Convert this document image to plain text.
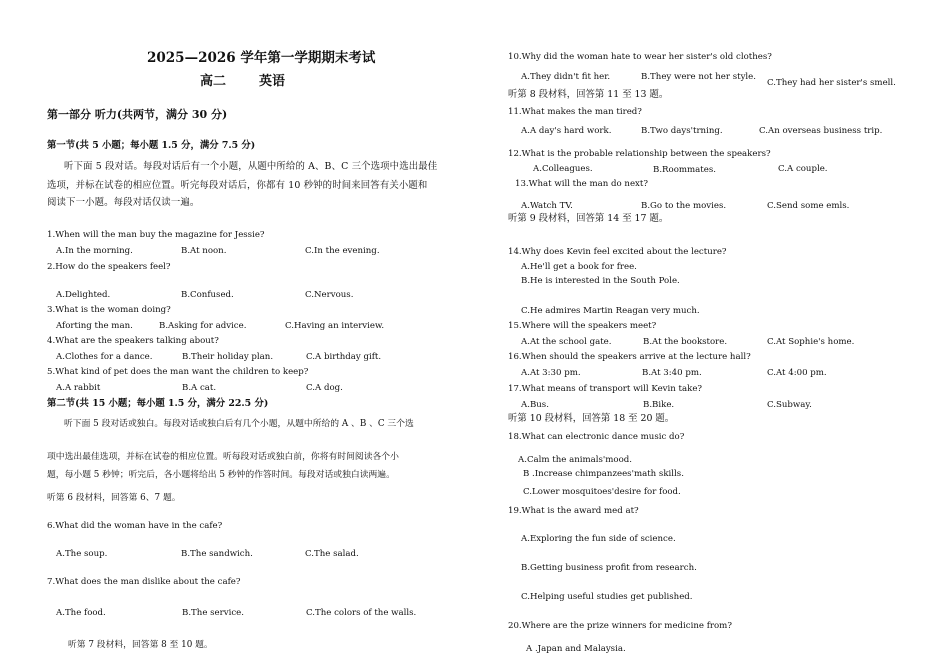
2025—2026 学年第一学期期末考试
高二	英语
第一部分 听力(共两节，满分 30 分)
第一节(共 5 小题；每小题 1.5 分，满分 7.5 分)
听下面 5 段对话。每段对话后有一个小题，从题中所给的 A、B、C 三个选项中选出最佳
选项，并标在试卷的相应位置。听完每段对话后，你都有 10 秒钟的时间来回答有关小题和
阅读下一小题。每段对话仅读一遍。
1.When will the man buy the magazine for Jessie?
A.In the morning.	B.At noon.	C.In the evening.
2.How do the speakers feel?
A.Delighted.	B.Confused.	C.Nervous.
3.What is the woman doing?
Aforting the man.	B.Asking for advice.	C.Having an interview.
4.What are the speakers talking about?
A.Clothes for a dance.	B.Their holiday plan.	C.A birthday gift.
5.What kind of pet does the man want the children to keep?
A.A rabbit	B.A cat.	C.A dog.
第二节(共 15 小题；每小题 1.5 分，满分 22.5 分)
听下面 5 段对话或独白。每段对话或独白后有几个小题，从题中所给的 A 、B 、C 三个选
项中选出最佳选项，并标在试卷的相应位置。听每段对话或独白前，你将有时间阅读各个小
题，每小题 5 秒钟；听完后，各小题将给出 5 秒钟的作答时间。每段对话或独白读两遍。
听第 6 段材料，回答第 6、7 题。
6.What did the woman have in the cafe?
A.The soup.	B.The sandwich.	C.The salad.
7.What does the man dislike about the cafe?
A.The food.	B.The service.	C.The colors of the walls.
听第 7 段材料，回答第 8 至 10 题。
10.Why did the woman hate to wear her sister's old clothes?
A.They didn't fit her.	B.They were not her style.
C.They had her sister's smell.
听第 8 段材料，回答第 11 至 13 题。
11.What makes the man tired?
A.A day's hard work.	B.Two days'trning.	C.An overseas business trip.
12.What is the probable relationship between the speakers?
A.Colleagues.	B.Roommates.	C.A couple.
13.What will the man do next?
A.Watch TV.	B.Go to the movies.	C.Send some emls.
听第 9 段材料，回答第 14 至 17 题。
14.Why does Kevin feel excited about the lecture?
A.He'll get a book for free.
B.He is interested in the South Pole.
C.He admires Martin Reagan very much.
15.Where will the speakers meet?
A.At the school gate.	B.At the bookstore.	C.At Sophie's home.
16.When should the speakers arrive at the lecture hall?
A.At 3:30 pm.	B.At 3:40 pm.	C.At 4:00 pm.
17.What means of transport will Kevin take?
A.Bus.	B.Bike.	C.Subway.
听第 10 段材料，回答第 18 至 20 题。
18.What can electronic dance music do?
A.Calm the animals'mood.
B .Increase chimpanzees'math skills.
C.Lower mosquitoes'desire for food.
19.What is the award med at?
A.Exploring the fun side of science.
B.Getting business profit from research.
C.Helping useful studies get published.
20.Where are the prize winners for medicine from?
A .Japan and Malaysia.
